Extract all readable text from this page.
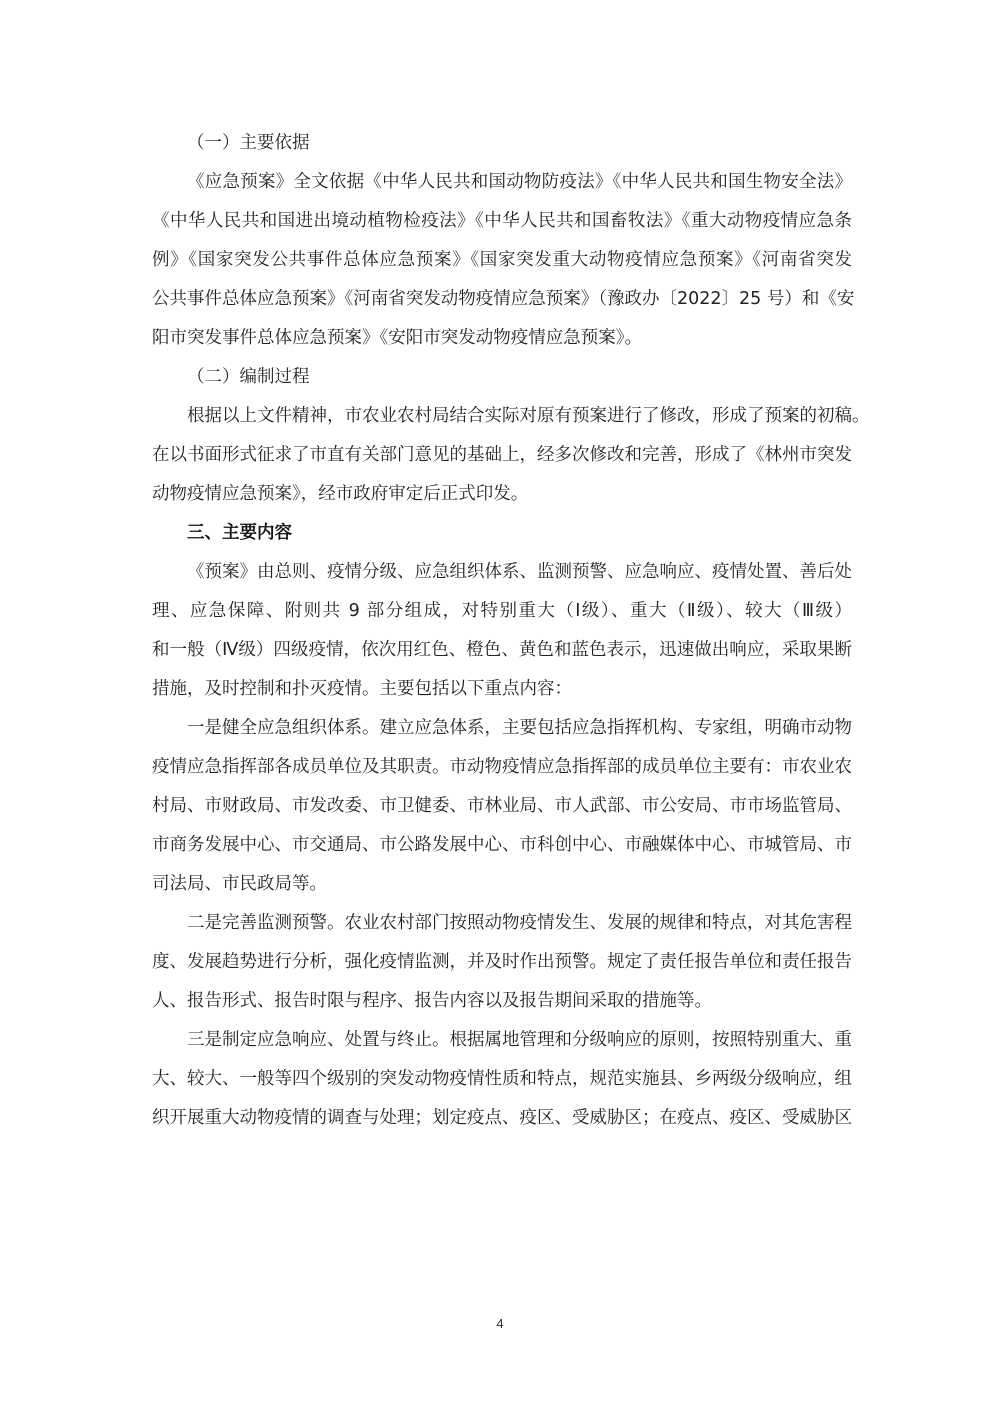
（一）主要依据
《应急预案》全文依据《中华人民共和国动物防疫法》《中华人民共和国生物安全法》
《中华人民共和国进出境动植物检疫法》《中华人民共和国畜牧法》《重大动物疫情应急条
例》《国家突发公共事件总体应急预案》《国家突发重大动物疫情应急预案》《河南省突发
公共事件总体应急预案》《河南省突发动物疫情应急预案》（豫政办〔2022〕25 号）和《安
阳市突发事件总体应急预案》《安阳市突发动物疫情应急预案》。
（二）编制过程
根据以上文件精神，市农业农村局结合实际对原有预案进行了修改，形成了预案的初稿。
在以书面形式征求了市直有关部门意见的基础上，经多次修改和完善，形成了《林州市突发
动物疫情应急预案》，经市政府审定后正式印发。
三、主要内容
《预案》由总则、疫情分级、应急组织体系、监测预警、应急响应、疫情处置、善后处
理、应急保障、附则共 9 部分组成，对特别重大（Ⅰ级）、重大（Ⅱ级）、较大（Ⅲ级）
和一般（Ⅳ级）四级疫情，依次用红色、橙色、黄色和蓝色表示，迅速做出响应，采取果断
措施，及时控制和扑灭疫情。主要包括以下重点内容：
一是健全应急组织体系。建立应急体系，主要包括应急指挥机构、专家组，明确市动物
疫情应急指挥部各成员单位及其职责。市动物疫情应急指挥部的成员单位主要有：市农业农
村局、市财政局、市发改委、市卫健委、市林业局、市人武部、市公安局、市市场监管局、
市商务发展中心、市交通局、市公路发展中心、市科创中心、市融媒体中心、市城管局、市
司法局、市民政局等。
二是完善监测预警。农业农村部门按照动物疫情发生、发展的规律和特点，对其危害程
度、发展趋势进行分析，强化疫情监测，并及时作出预警。规定了责任报告单位和责任报告
人、报告形式、报告时限与程序、报告内容以及报告期间采取的措施等。
三是制定应急响应、处置与终止。根据属地管理和分级响应的原则，按照特别重大、重
大、较大、一般等四个级别的突发动物疫情性质和特点，规范实施县、乡两级分级响应，组
织开展重大动物疫情的调查与处理；划定疫点、疫区、受威胁区；在疫点、疫区、受威胁区
4
